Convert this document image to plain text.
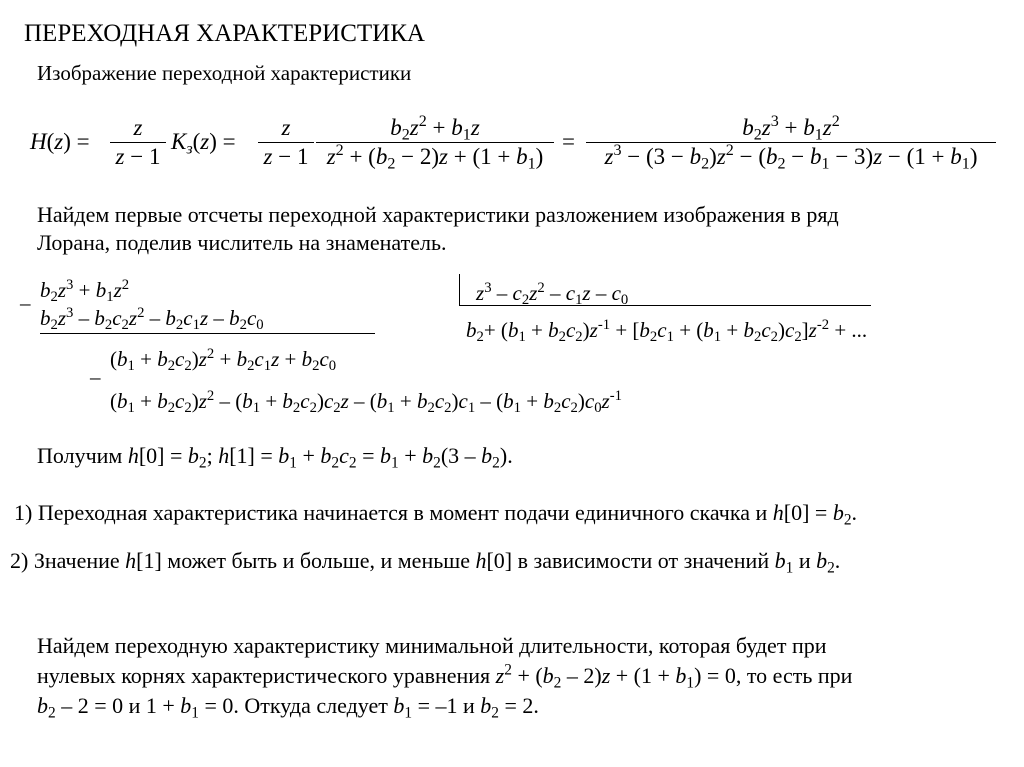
ПЕРЕХОДНАЯ ХАРАКТЕРИСТИКА
Изображение переходной характеристики
$H(z) = \frac{z}{z - 1} K_з(z) = \frac{z}{z - 1} \frac{b_2z^2 + b_1z}{z^2 + (b_2 - 2)z + (1 + b_1)} = \frac{b_2z^3 + b_1z^2}{z^3 - (3 - b_2)z^2 - (b_2 - b_1 - 3)z - (1 + b_1)}$
Найдем первые отсчеты переходной характеристики разложением изображения в ряд
Лорана, поделив числитель на знаменатель.
–
$b_2z^3 + b_1z^2$
$b_2z^3 - b_2c_2z^2 - b_2c_1z - b_2c_0$
–
$(b_1 + b_2c_2)z^2 + b_2c_1z + b_2c_0$
$(b_1 + b_2c_2)z^2 - (b_1 + b_2c_2)c_2z - (b_1 + b_2c_2)c_1 - (b_1 + b_2c_2)c_0z^{-1}$
$z^3 - c_2z^2 - c_1z - c_0$
$b_2+ (b_1 + b_2c_2)z^{-1} + [b_2c_1 + (b_1 + b_2c_2)c_2]z^{-2}$ + ...
Получим $h[0] = b_2$; $h[1] = b_1 + b_2c_2 = b_1 + b_2(3 - b_2)$.
1) Переходная характеристика начинается в момент подачи единичного скачка и $h[0] = b_2$.
2) Значение h[1] может быть и больше, и меньше h[0] в зависимости от значений $b_1$ и $b_2$.
Найдем переходную характеристику минимальной длительности, которая будет при
нулевых корнях характеристического уравнения $z^2 + (b_2 - 2)z + (1 + b_1) = 0$, то есть при
$b_2 - 2 = 0$ и $1 + b_1 = 0$. Откуда следует $b_1 = -1$ и $b_2 = 2$.
